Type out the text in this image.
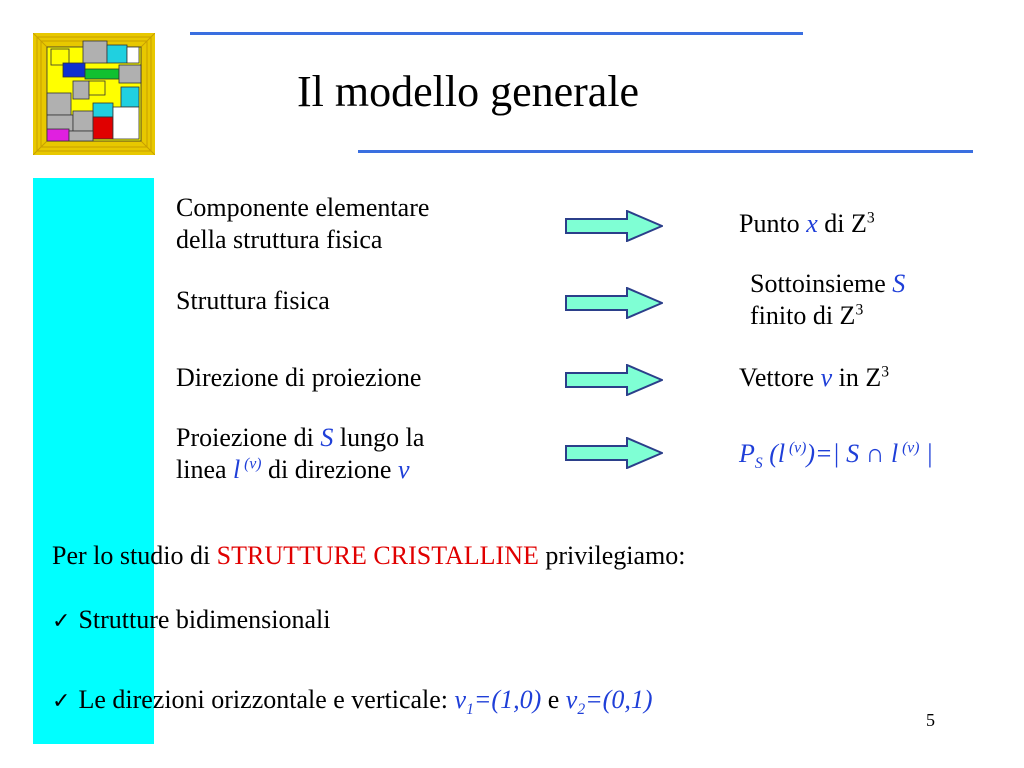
Il modello generale
Componente elementare
della struttura fisica
Punto x di $Z^3$
Struttura fisica
Sottoinsieme S
finito di $Z^3$
Direzione di proiezione	Vettore v in $Z^3$
Proiezione di S lungo la
linea l $^{(v)}$ di direzione v
$P_S$ (l $^{(v)}$)=| S ∩ l $^{(v)}$ |
Per lo studio di STRUTTURE CRISTALLINE privilegiamo:
✓ Strutture bidimensionali
✓ Le direzioni orizzontale e verticale: $v_1=(1,0)$ e $v_2=(0,1)$
5
